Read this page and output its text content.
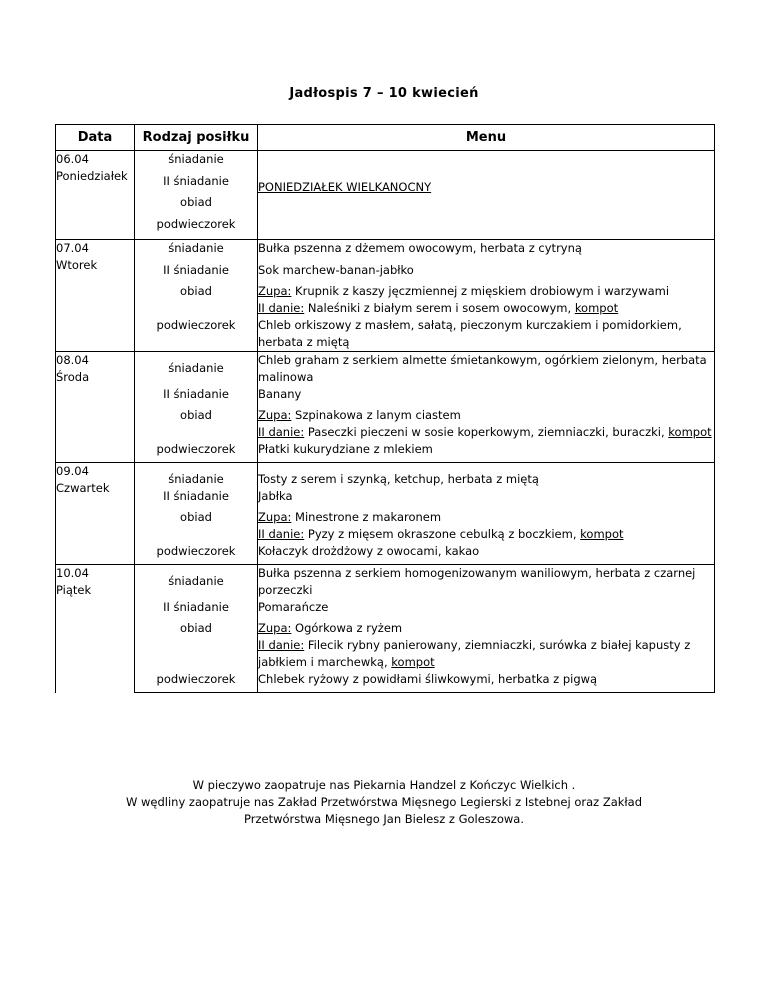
Jadłospis 7 – 10 kwiecień
Data	Rodzaj posiłku	Menu

06.04
Poniedziałek	śniadanie	PONIEDZIAŁEK WIELKANOCNY
	II śniadanie	
	obiad	
	podwieczorek	

07.04
Wtorek	śniadanie	Bułka pszenna z dżemem owocowym, herbata z cytryną
	II śniadanie	Sok marchew-banan-jabłko
	obiad	Zupa: Krupnik z kaszy jęczmiennej z mięskiem drobiowym i warzywami
II danie: Naleśniki z białym serem i sosem owocowym, kompot

	podwieczorek	Chleb orkiszowy z masłem, sałatą, pieczonym kurczakiem i pomidorkiem, herbata z miętą

08.04
Środa	śniadanie	Chleb graham z serkiem almette śmietankowym, ogórkiem zielonym, herbata malinowa
	II śniadanie	Banany
	obiad	Zupa: Szpinakowa z lanym ciastem
II danie: Paseczki pieczeni w sosie koperkowym, ziemniaczki, buraczki, kompot

	podwieczorek	Płatki kukurydziane z mlekiem

09.04
Czwartek	śniadanie	Tosty z serem i szynką, ketchup, herbata z miętą
	II śniadanie	Jabłka
	obiad	Zupa: Minestrone z makaronem
II danie: Pyzy z mięsem okraszone cebulką z boczkiem, kompot

	podwieczorek	Kołaczyk drożdżowy z owocami, kakao

10.04
Piątek	śniadanie	Bułka pszenna z serkiem homogenizowanym waniliowym, herbata z czarnej porzeczki
	II śniadanie	Pomarańcze
	obiad	Zupa: Ogórkowa z ryżem
II danie: Filecik rybny panierowany, ziemniaczki, surówka z białej kapusty z jabłkiem i marchewką, kompot

	podwieczorek	Chlebek ryżowy z powidłami śliwkowymi, herbatka z pigwą
W pieczywo zaopatruje nas Piekarnia Handzel z Kończyc Wielkich .
W wędliny zaopatruje nas Zakład Przetwórstwa Mięsnego Legierski z Istebnej oraz Zakład
Przetwórstwa Mięsnego Jan Bielesz z Goleszowa.
